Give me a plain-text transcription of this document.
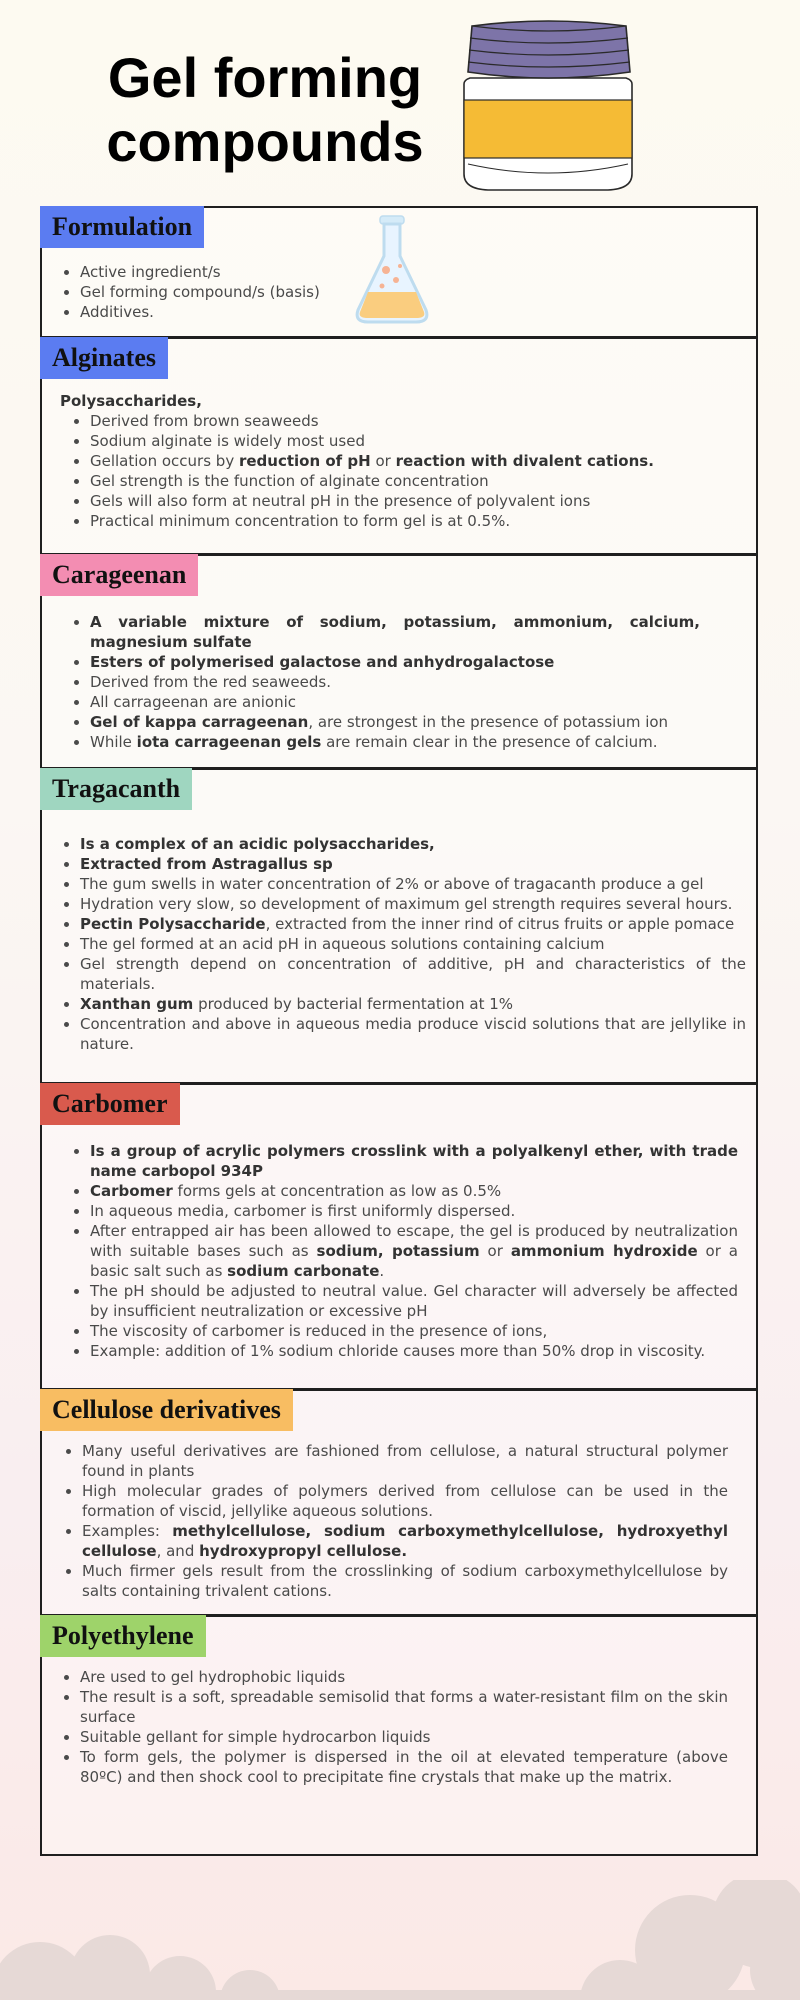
Gel forming compounds
Formulation
• Active ingredient/s
• Gel forming compound/s (basis)
• Additives.
Alginates
Polysaccharides,
• Derived from brown seaweeds
• Sodium alginate is widely most used
• Gellation occurs by reduction of pH or reaction with divalent cations.
• Gel strength is the function of alginate concentration
• Gels will also form at neutral pH in the presence of polyvalent ions
• Practical minimum concentration to form gel is at 0.5%.
Carageenan
• A variable mixture of sodium, potassium, ammonium, calcium, magnesium sulfate
• Esters of polymerised galactose and anhydrogalactose
• Derived from the red seaweeds.
• All carrageenan are anionic
• Gel of kappa carrageenan, are strongest in the presence of potassium ion
• While iota carrageenan gels are remain clear in the presence of calcium.
Tragacanth
• Is a complex of an acidic polysaccharides,
• Extracted from Astragallus sp
• The gum swells in water concentration of 2% or above of tragacanth produce a gel
• Hydration very slow, so development of maximum gel strength requires several hours.
• Pectin Polysaccharide, extracted from the inner rind of citrus fruits or apple pomace
• The gel formed at an acid pH in aqueous solutions containing calcium
• Gel strength depend on concentration of additive, pH and characteristics of the materials.
• Xanthan gum produced by bacterial fermentation at 1%
• Concentration and above in aqueous media produce viscid solutions that are jellylike in nature.
Carbomer
• Is a group of acrylic polymers crosslink with a polyalkenyl ether, with trade name carbopol 934P
• Carbomer forms gels at concentration as low as 0.5%
• In aqueous media, carbomer is first uniformly dispersed.
• After entrapped air has been allowed to escape, the gel is produced by neutralization with suitable bases such as sodium, potassium or ammonium hydroxide or a basic salt such as sodium carbonate.
• The pH should be adjusted to neutral value. Gel character will adversely be affected by insufficient neutralization or excessive pH
• The viscosity of carbomer is reduced in the presence of ions,
• Example: addition of 1% sodium chloride causes more than 50% drop in viscosity.
Cellulose derivatives
• Many useful derivatives are fashioned from cellulose, a natural structural polymer found in plants
• High molecular grades of polymers derived from cellulose can be used in the formation of viscid, jellylike aqueous solutions.
• Examples: methylcellulose, sodium carboxymethylcellulose, hydroxyethyl cellulose, and hydroxypropyl cellulose.
• Much firmer gels result from the crosslinking of sodium carboxymethylcellulose by salts containing trivalent cations.
Polyethylene
• Are used to gel hydrophobic liquids
• The result is a soft, spreadable semisolid that forms a water-resistant film on the skin surface
• Suitable gellant for simple hydrocarbon liquids
• To form gels, the polymer is dispersed in the oil at elevated temperature (above 80ºC) and then shock cool to precipitate fine crystals that make up the matrix.
